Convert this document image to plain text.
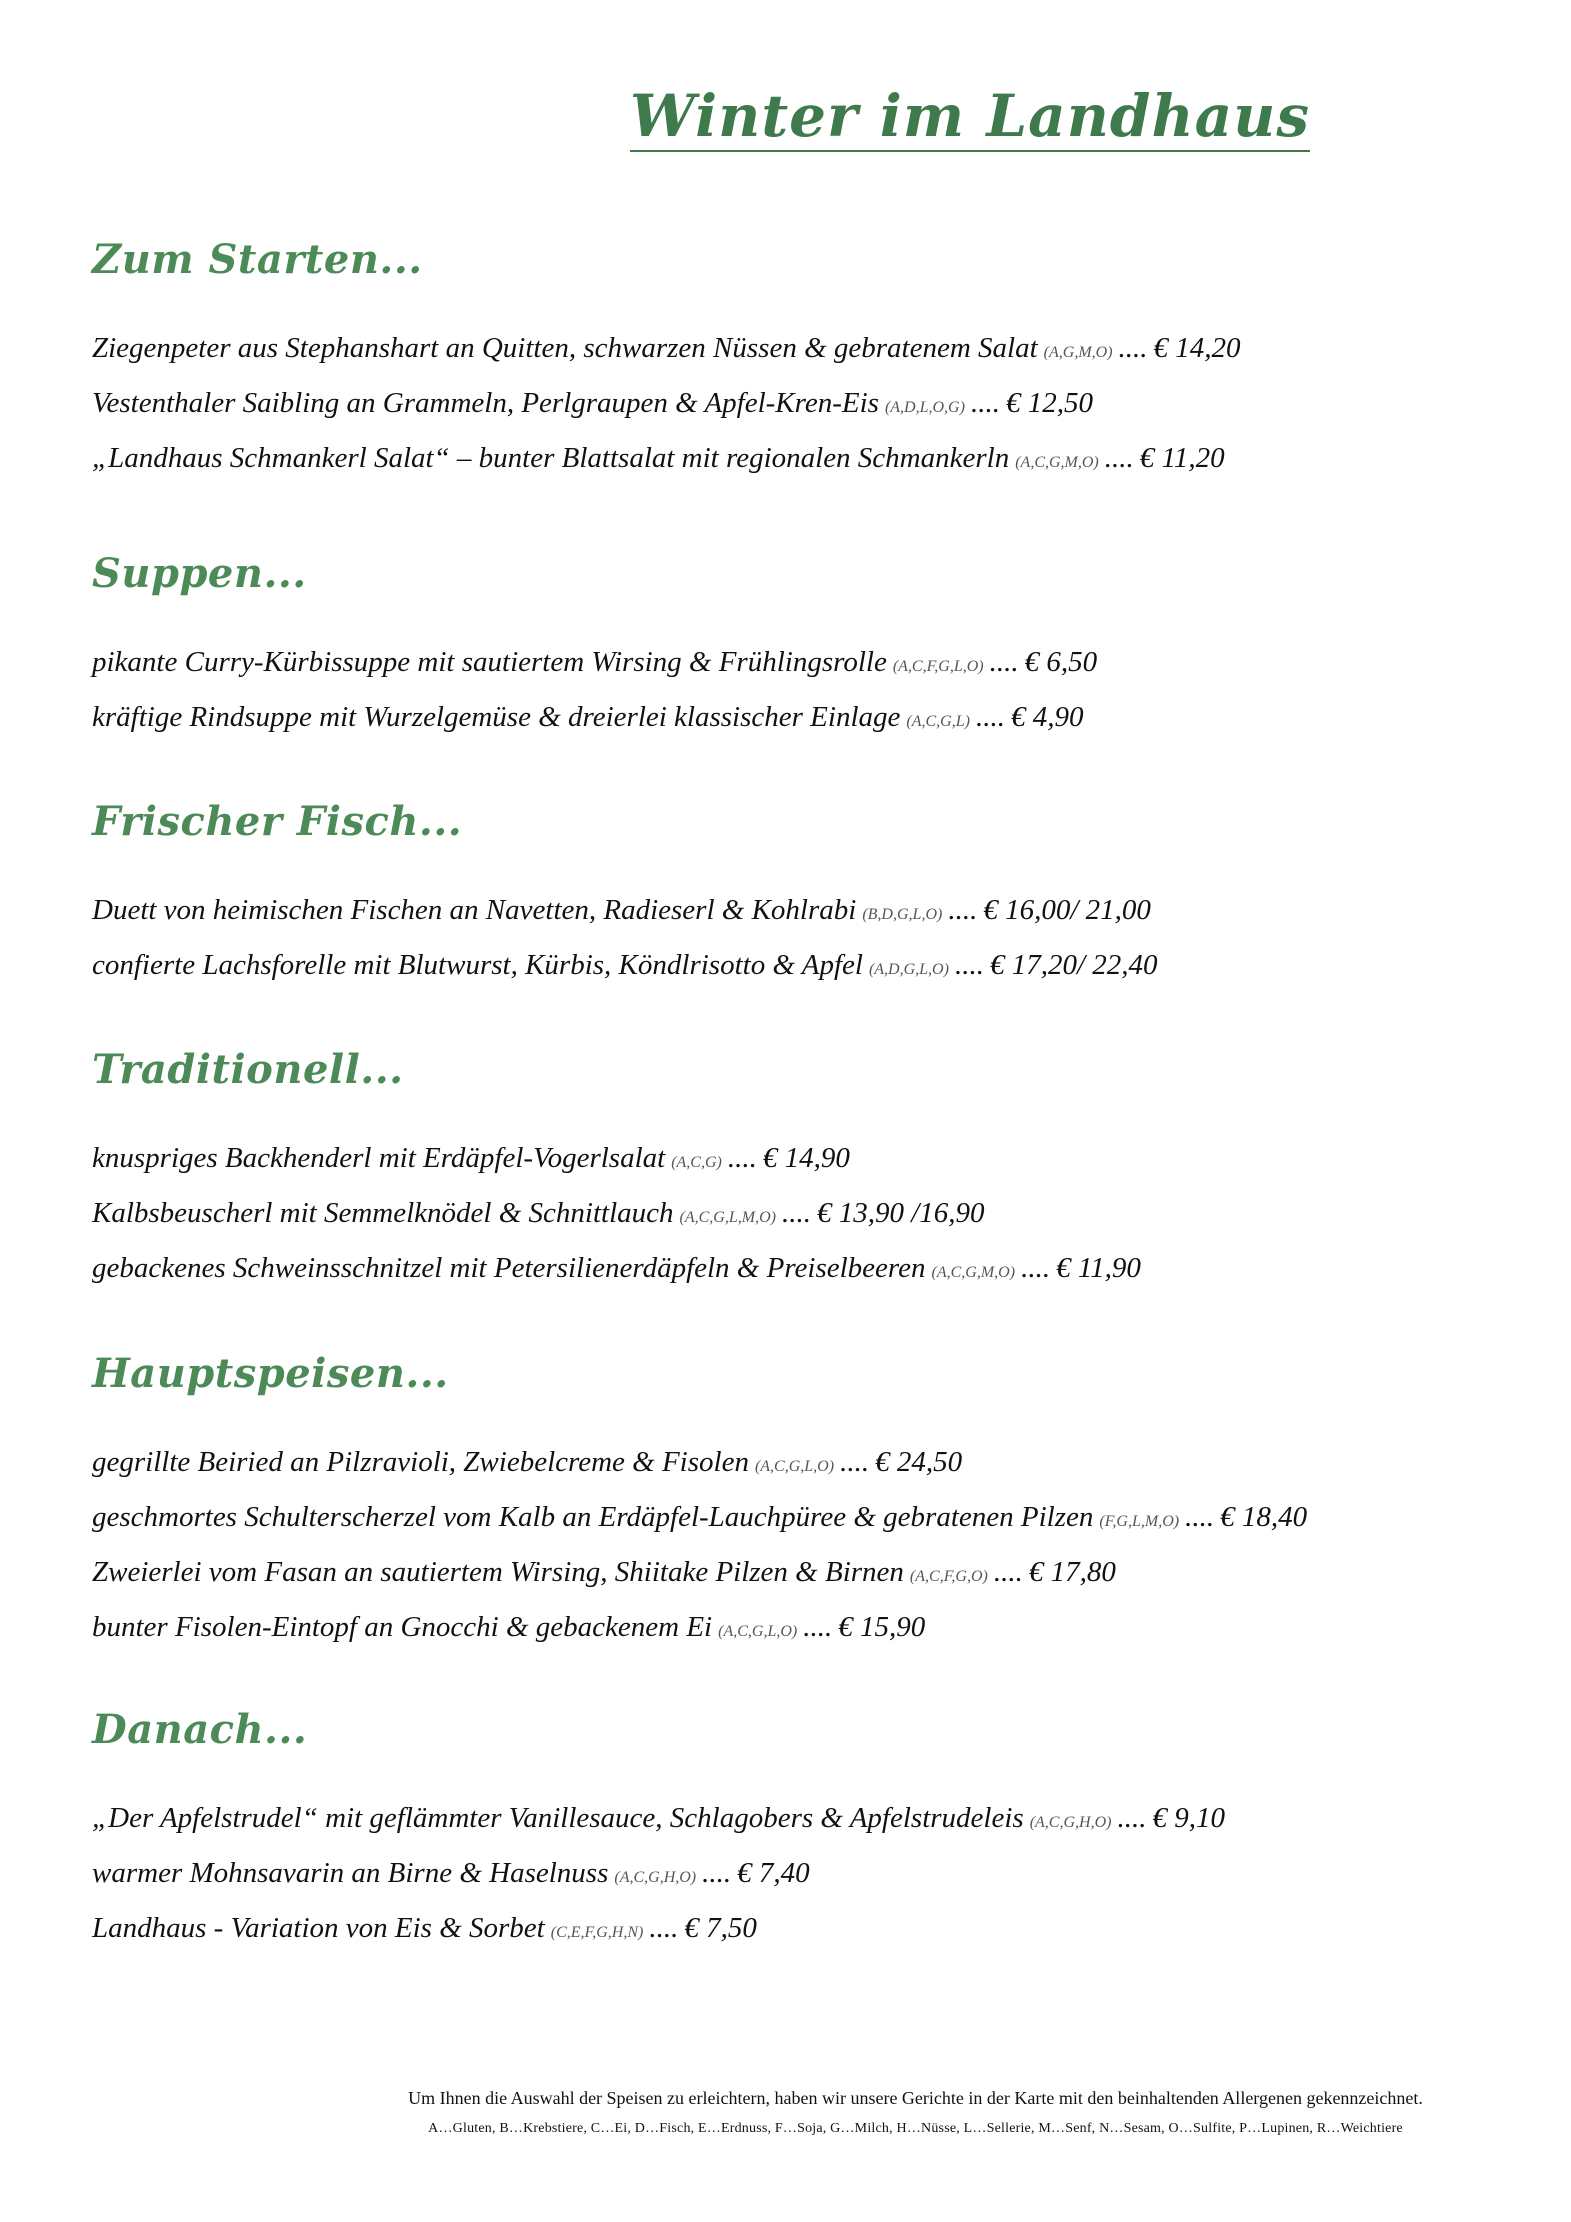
Winter im Landhaus
Zum Starten...
Ziegenpeter aus Stephanshart an Quitten, schwarzen Nüssen & gebratenem Salat (A,G,M,O) .... € 14,20
Vestenthaler Saibling an Grammeln, Perlgraupen & Apfel-Kren-Eis (A,D,L,O,G) .... € 12,50
„Landhaus Schmankerl Salat“ – bunter Blattsalat mit regionalen Schmankerln (A,C,G,M,O) .... € 11,20
Suppen...
pikante Curry-Kürbissuppe mit sautiertem Wirsing & Frühlingsrolle (A,C,F,G,L,O) .... € 6,50
kräftige Rindsuppe mit Wurzelgemüse & dreierlei klassischer Einlage (A,C,G,L) .... € 4,90
Frischer Fisch...
Duett von heimischen Fischen an Navetten, Radieserl & Kohlrabi (B,D,G,L,O) .... € 16,00/ 21,00
confierte Lachsforelle mit Blutwurst, Kürbis, Köndlrisotto & Apfel (A,D,G,L,O) .... € 17,20/ 22,40
Traditionell...
knuspriges Backhenderl mit Erdäpfel-Vogerlsalat (A,C,G) .... € 14,90
Kalbsbeuscherl mit Semmelknödel & Schnittlauch (A,C,G,L,M,O) .... € 13,90 /16,90
gebackenes Schweinsschnitzel mit Petersilienerdäpfeln & Preiselbeeren (A,C,G,M,O) .... € 11,90
Hauptspeisen...
gegrillte Beiried an Pilzravioli, Zwiebelcreme & Fisolen (A,C,G,L,O) .... € 24,50
geschmortes Schulterscherzel vom Kalb an Erdäpfel-Lauchpüree & gebratenen Pilzen (F,G,L,M,O) .... € 18,40
Zweierlei vom Fasan an sautiertem Wirsing, Shiitake Pilzen & Birnen (A,C,F,G,O) .... € 17,80
bunter Fisolen-Eintopf an Gnocchi & gebackenem Ei (A,C,G,L,O) .... € 15,90
Danach...
„Der Apfelstrudel“ mit geflämmter Vanillesauce, Schlagobers & Apfelstrudeleis (A,C,G,H,O) .... € 9,10
warmer Mohnsavarin an Birne & Haselnuss (A,C,G,H,O) .... € 7,40
Landhaus - Variation von Eis & Sorbet (C,E,F,G,H,N) .... € 7,50
Um Ihnen die Auswahl der Speisen zu erleichtern, haben wir unsere Gerichte in der Karte mit den beinhaltenden Allergenen gekennzeichnet.
A…Gluten, B…Krebstiere, C…Ei, D…Fisch, E…Erdnuss, F…Soja, G…Milch, H…Nüsse, L…Sellerie, M…Senf, N…Sesam, O…Sulfite, P…Lupinen, R…Weichtiere
